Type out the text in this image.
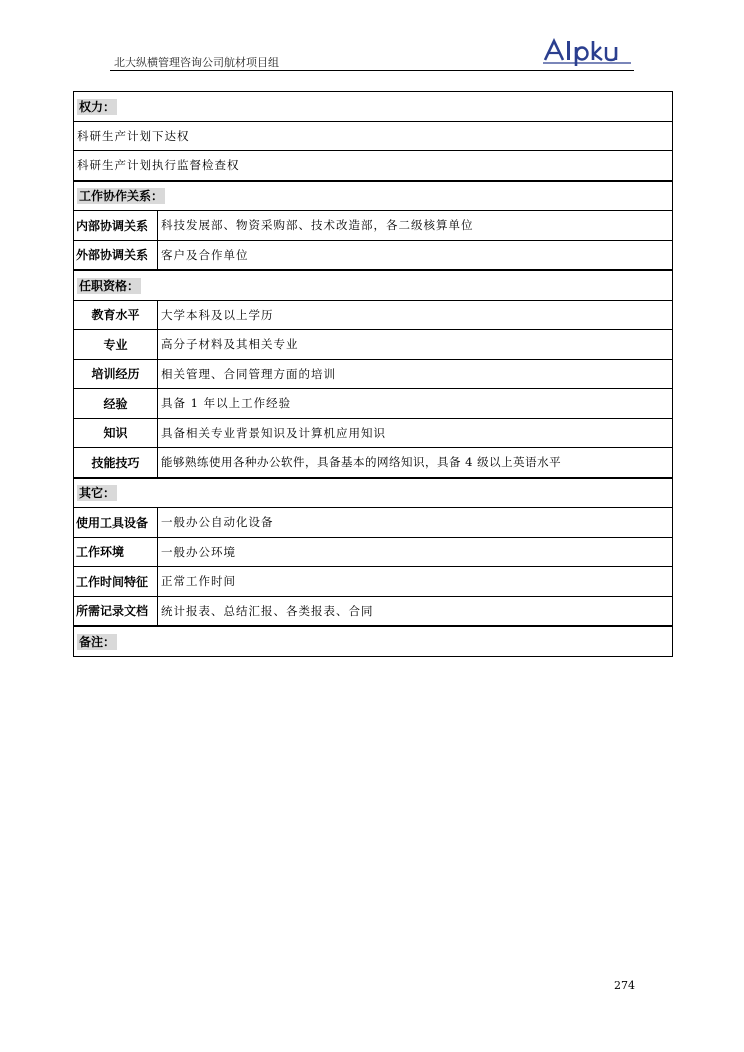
北大纵横管理咨询公司航材项目组
权力：	
科研生产计划下达权	
科研生产计划执行监督检查权	
工作协作关系：	
内部协调关系	科技发展部、物资采购部、技术改造部，各二级核算单位
外部协调关系	客户及合作单位
任职资格：	
教育水平	大学本科及以上学历
专业	高分子材料及其相关专业
培训经历	相关管理、合同管理方面的培训
经验	具备 1 年以上工作经验
知识	具备相关专业背景知识及计算机应用知识
技能技巧	能够熟练使用各种办公软件，具备基本的网络知识，具备 4 级以上英语水平
其它：	
使用工具设备	一般办公自动化设备
工作环境	一般办公环境
工作时间特征	正常工作时间
所需记录文档	统计报表、总结汇报、各类报表、合同
备注：	
274
